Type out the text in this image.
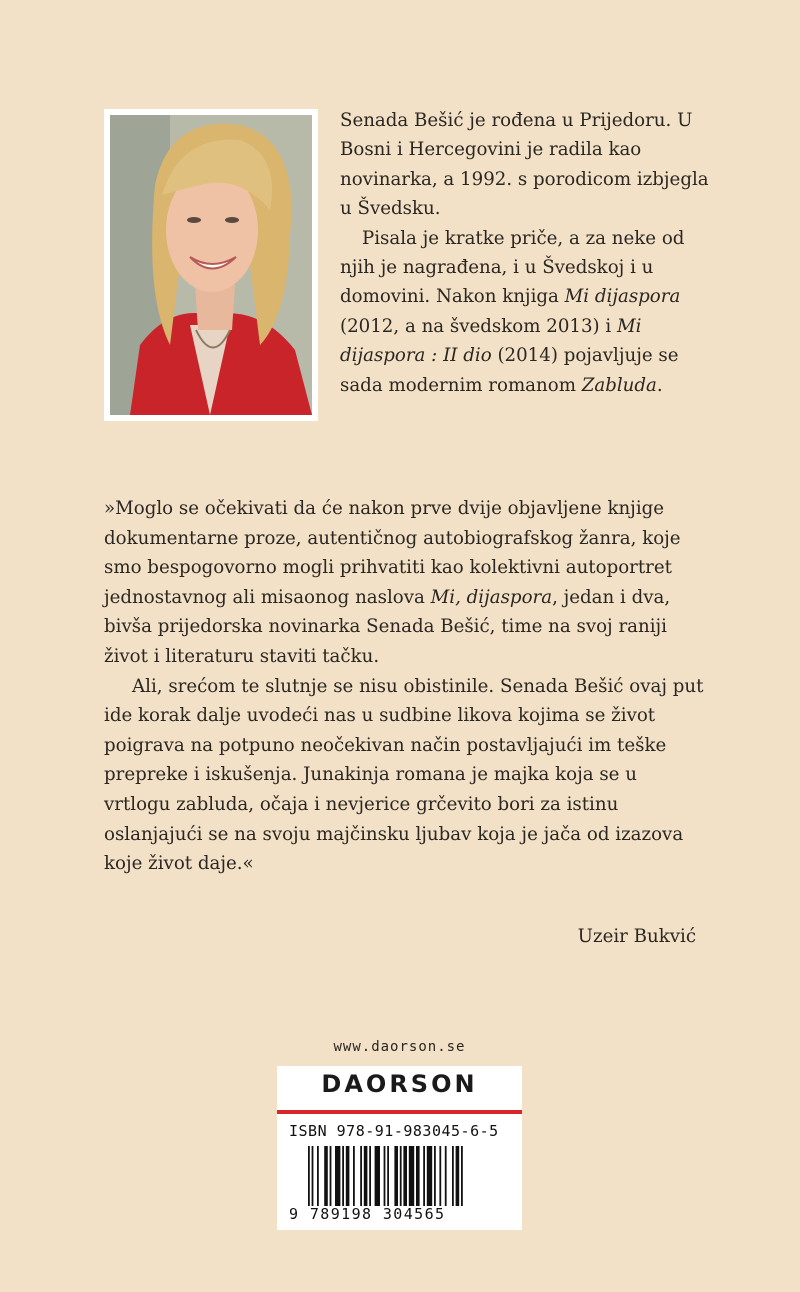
Senada Bešić je rođena u Prijedoru. U Bosni i Hercegovini je radila kao novinarka, a 1992. s porodicom izbjegla u Švedsku.

Pisala je kratke priče, a za neke od njih je nagrađena, i u Švedskoj i u domovini. Nakon knjiga Mi dijaspora (2012, a na švedskom 2013) i Mi dijaspora : II dio (2014) pojavljuje se sada modernim romanom Zabluda.

»Moglo se očekivati da će nakon prve dvije objavljene knjige dokumentarne proze, autentičnog autobiografskog žanra, koje smo bespogovorno mogli prihvatiti kao kolektivni autoportret jednostavnog ali misaonog naslova Mi, dijaspora, jedan i dva, bivša prijedorska novinarka Senada Bešić, time na svoj raniji život i literaturu staviti tačku.

Ali, srećom te slutnje se nisu obistinile. Senada Bešić ovaj put ide korak dalje uvodeći nas u sudbine likova kojima se život poigrava na potpuno neočekivan način postavljajući im teške prepreke i iskušenja. Junakinja romana je majka koja se u vrtlogu zabluda, očaja i nevjerice grčevito bori za istinu oslanjajući se na svoju majčinsku ljubav koja je jača od izazova koje život daje.«

Uzeir Bukvić
www.daorson.se
DAORSON
ISBN 978-91-983045-6-5
9 789198 304565
